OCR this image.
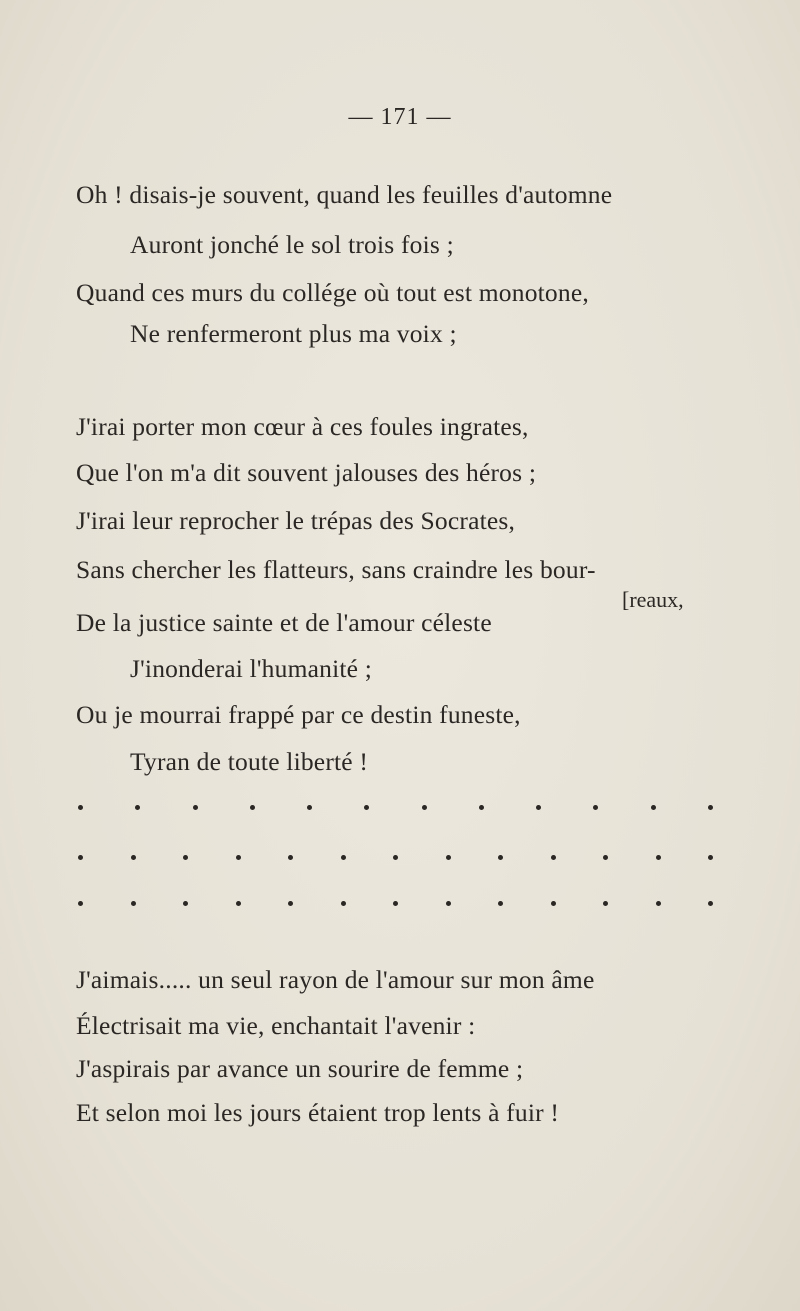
— 171 —
Oh ! disais-je souvent, quand les feuilles d'automne
Auront jonché le sol trois fois ;
Quand ces murs du collége où tout est monotone,
Ne renfermeront plus ma voix ;
J'irai porter mon cœur à ces foules ingrates,
Que l'on m'a dit souvent jalouses des héros ;
J'irai leur reprocher le trépas des Socrates,
Sans chercher les flatteurs, sans craindre les bour-
[reaux,
De la justice sainte et de l'amour céleste
J'inonderai l'humanité ;
Ou je mourrai frappé par ce destin funeste,
Tyran de toute liberté !
J'aimais..... un seul rayon de l'amour sur mon âme
Électrisait ma vie, enchantait l'avenir :
J'aspirais par avance un sourire de femme ;
Et selon moi les jours étaient trop lents à fuir !
